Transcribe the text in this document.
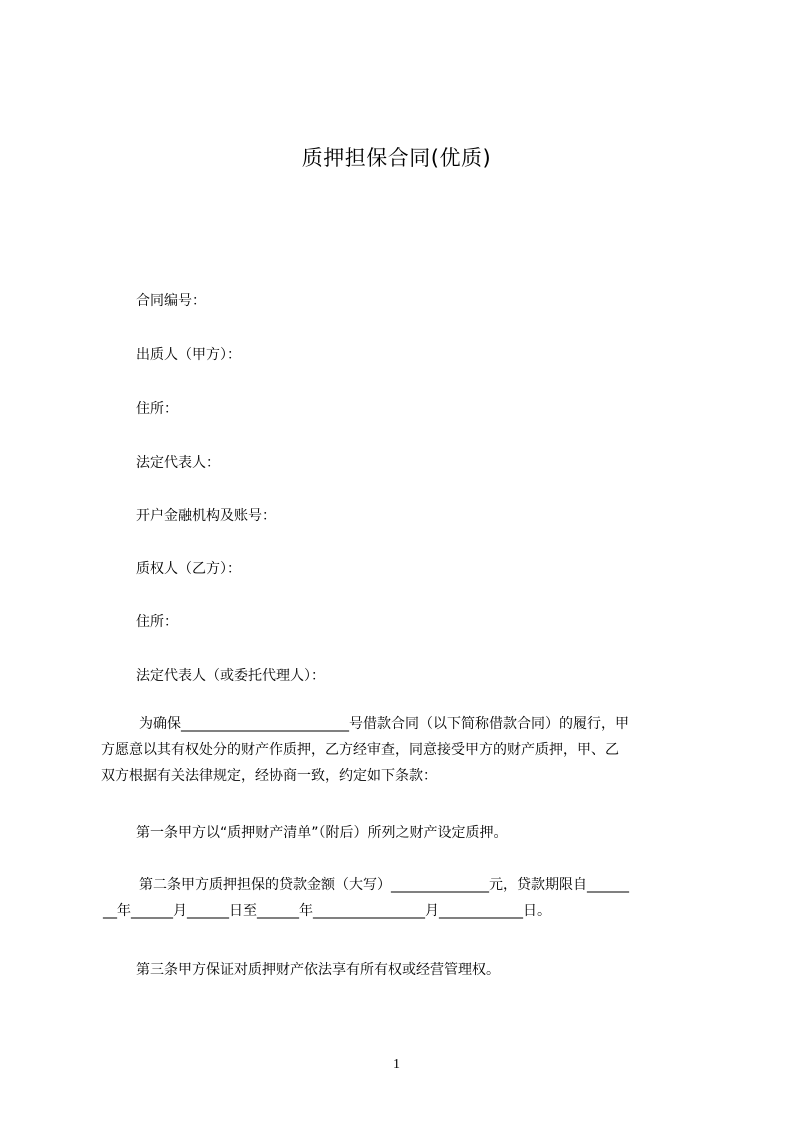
质押担保合同(优质)
合同编号：
出质人（甲方）：
住所：
法定代表人：
开户金融机构及账号：
质权人（乙方）：
住所：
法定代表人（或委托代理人）：
为确保________________________号借款合同（以下简称借款合同）的履行，甲
方愿意以其有权处分的财产作质押，乙方经审查，同意接受甲方的财产质押，甲、乙
双方根据有关法律规定，经协商一致，约定如下条款：
第一条甲方以“质押财产清单”（附后）所列之财产设定质押。
第二条甲方质押担保的贷款金额（大写）______________元，贷款期限自______
__年______月______日至______年________________月____________日。
第三条甲方保证对质押财产依法享有所有权或经营管理权。
1
